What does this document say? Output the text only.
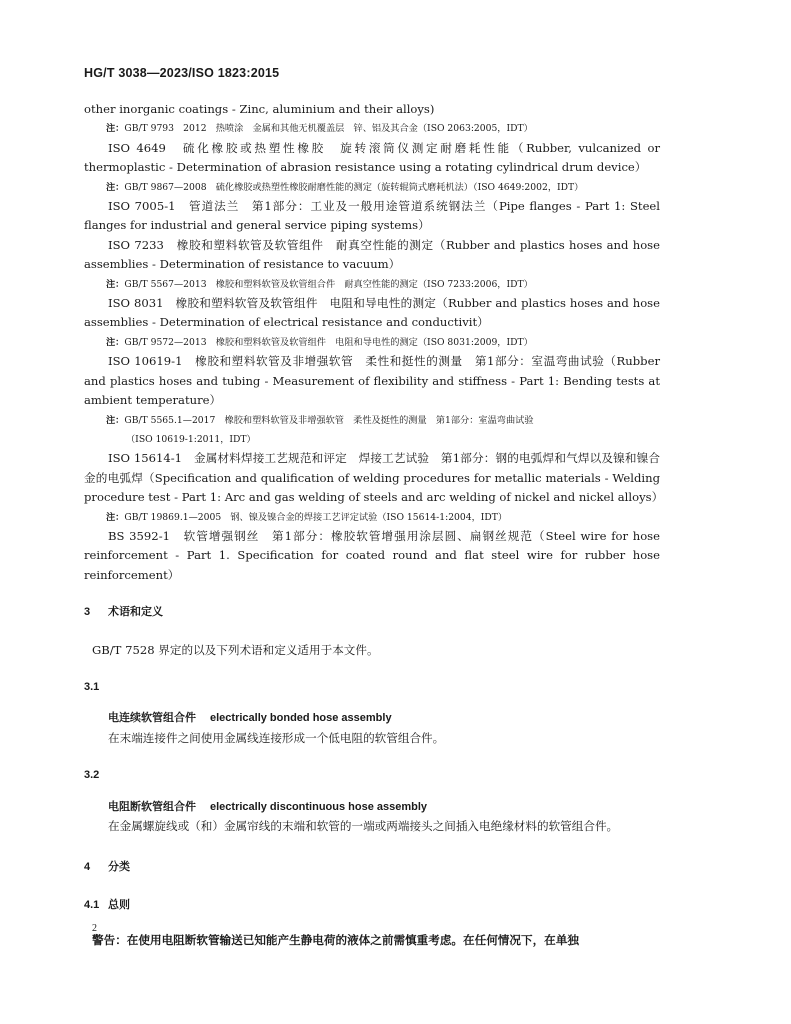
HG/T 3038—2023/ISO 1823:2015

other inorganic coatings - Zinc, aluminium and their alloys)

注：GB/T 9793　2012　热喷涂　金属和其他无机覆盖层　锌、铝及其合金（ISO 2063:2005，IDT）

ISO 4649　硫化橡胶或热塑性橡胶　旋转滚筒仪测定耐磨耗性能（Rubber, vulcanized or thermoplastic - Determination of abrasion resistance using a rotating cylindrical drum device）

注：GB/T 9867—2008　硫化橡胶或热塑性橡胶耐磨性能的测定（旋转辊筒式磨耗机法）（ISO 4649:2002，IDT）

ISO 7005-1　管道法兰　第1部分：工业及一般用途管道系统钢法兰（Pipe flanges - Part 1: Steel flanges for industrial and general service piping systems）

ISO 7233　橡胶和塑料软管及软管组件　耐真空性能的测定（Rubber and plastics hoses and hose assemblies - Determination of resistance to vacuum）

注：GB/T 5567—2013　橡胶和塑料软管及软管组合件　耐真空性能的测定（ISO 7233:2006，IDT）

ISO 8031　橡胶和塑料软管及软管组件　电阻和导电性的测定（Rubber and plastics hoses and hose assemblies - Determination of electrical resistance and conductivit）

注：GB/T 9572—2013　橡胶和塑料软管及软管组件　电阻和导电性的测定（ISO 8031:2009，IDT）

ISO 10619-1　橡胶和塑料软管及非增强软管　柔性和挺性的测量　第1部分：室温弯曲试验（Rubber and plastics hoses and tubing - Measurement of flexibility and stiffness - Part 1: Bending tests at ambient temperature）

注：GB/T 5565.1—2017　橡胶和塑料软管及非增强软管　柔性及挺性的测量　第1部分：室温弯曲试验
（ISO 10619-1:2011，IDT）

ISO 15614-1　金属材料焊接工艺规范和评定　焊接工艺试验　第1部分：钢的电弧焊和气焊以及镍和镍合金的电弧焊（Specification and qualification of welding procedures for metallic materials - Welding procedure test - Part 1: Arc and gas welding of steels and arc welding of nickel and nickel alloys）

注：GB/T 19869.1—2005　钢、镍及镍合金的焊接工艺评定试验（ISO 15614-1:2004，IDT）

BS 3592-1　软管增强钢丝　第1部分：橡胶软管增强用涂层圆、扁钢丝规范（Steel wire for hose reinforcement - Part 1. Specification for coated round and flat steel wire for rubber hose reinforcement）

3 术语和定义

GB/T 7528 界定的以及下列术语和定义适用于本文件。

3.1

电连续软管组合件 electrically bonded hose assembly

在末端连接件之间使用金属线连接形成一个低电阻的软管组合件。

3.2

电阻断软管组合件 electrically discontinuous hose assembly

在金属螺旋线或（和）金属帘线的末端和软管的一端或两端接头之间插入电绝缘材料的软管组合件。

4 分类

4.1 总则

警告：在使用电阻断软管输送已知能产生静电荷的液体之前需慎重考虑。在任何情况下，在单独

2
